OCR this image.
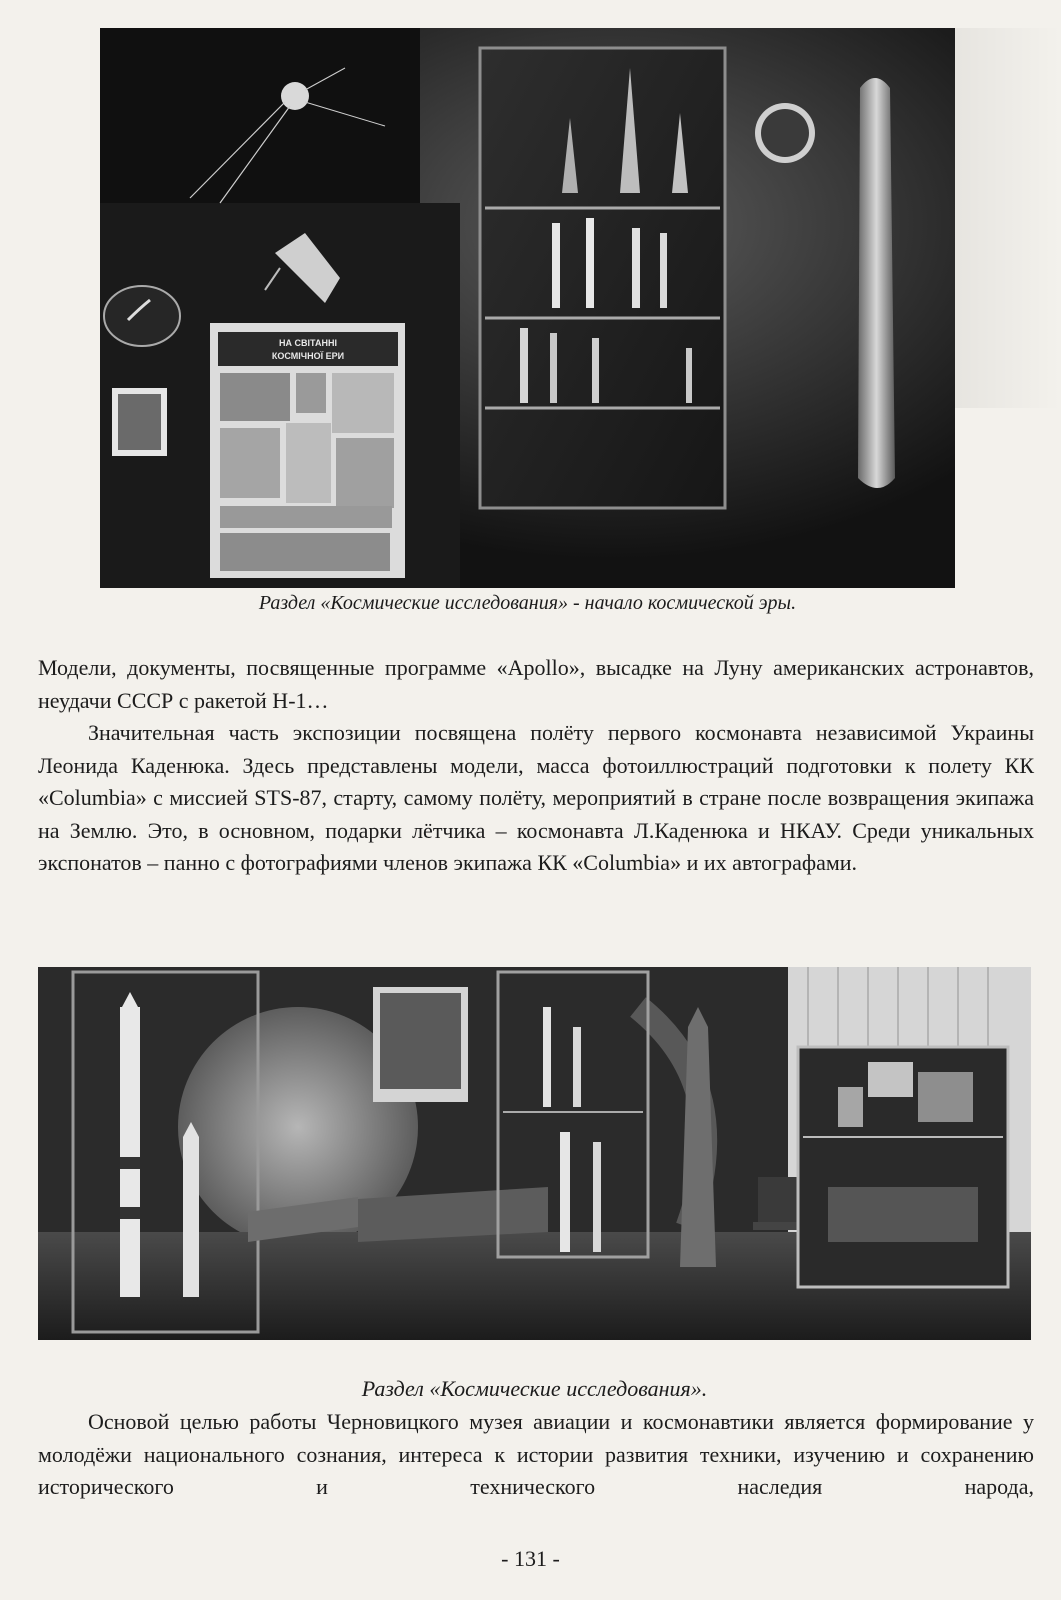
НА СВІТАННІ
КОСМІЧНОЇ ЕРИ
Раздел «Космические исследования» - начало космической эры.
Модели, документы, посвященные программе «Apollo», высадке на Луну американских астронавтов, неудачи СССР с ракетой Н-1…
Значительная часть экспозиции посвящена полёту первого космонавта независимой Украины Леонида Каденюка. Здесь представлены модели, масса фотоиллюстраций подготовки к полету КК «Columbia» с миссией STS-87, старту, самому полёту, мероприятий в стране после возвращения экипажа на Землю. Это, в основном, подарки лётчика – космонавта Л.Каденюка и НКАУ. Среди уникальных экспонатов – панно с фотографиями членов экипажа КК «Columbia» и их автографами.
Раздел «Космические исследования».
Основой целью работы Черновицкого музея авиации и космонавтики является формирование у молодёжи национального сознания, интереса к истории развития техники, изучению и сохранению исторического и технического наследия народа,
- 131 -
